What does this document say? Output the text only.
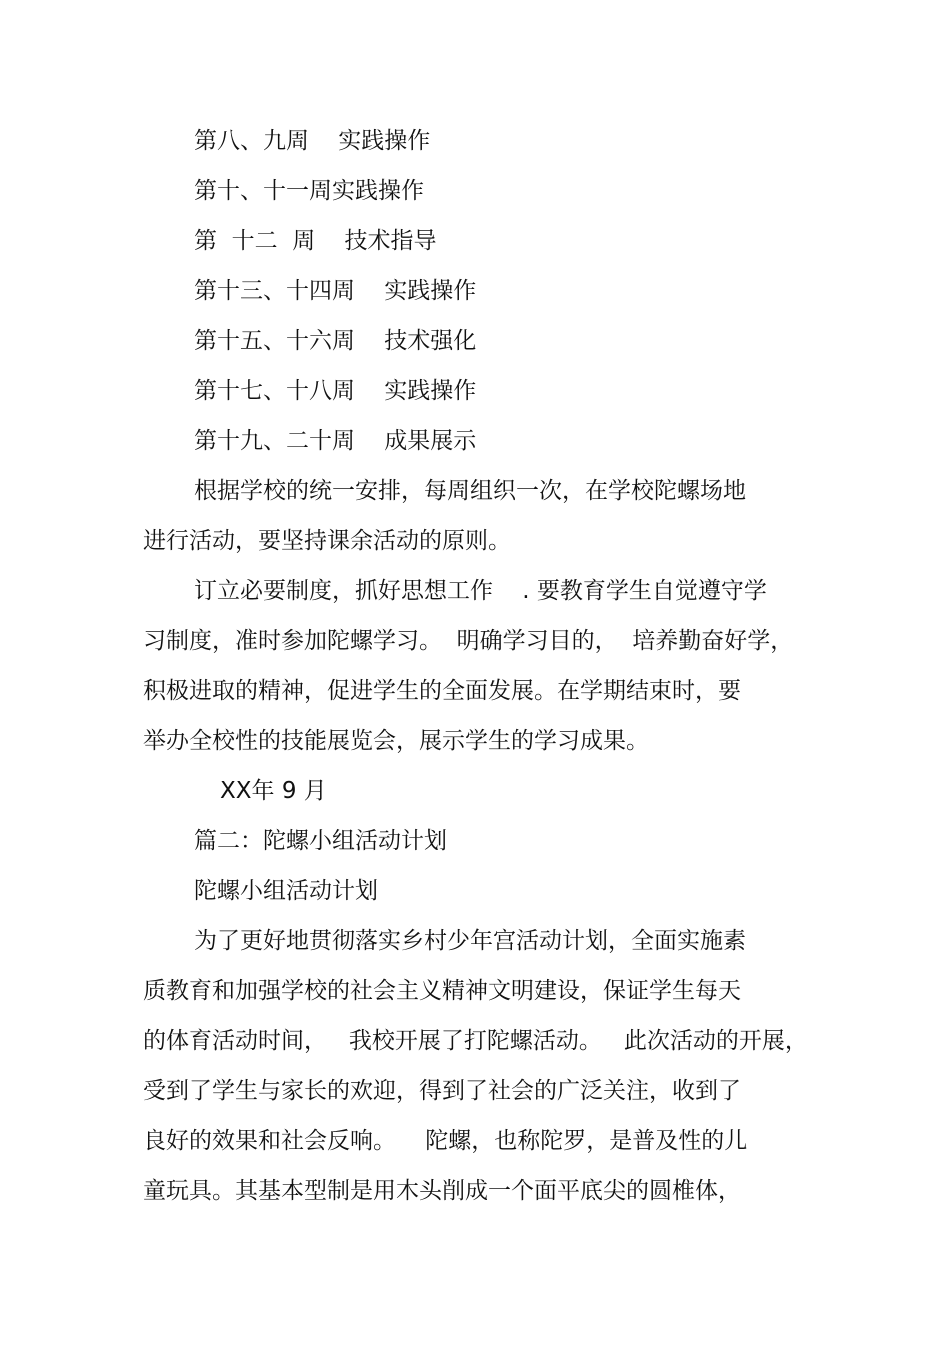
第八、九周    实践操作
第十、十一周实践操作
第  十二  周    技术指导
第十三、十四周    实践操作
第十五、十六周    技术强化
第十七、十八周    实践操作
第十九、二十周    成果展示
根据学校的统一安排，每周组织一次，在学校陀螺场地
进行活动，要坚持课余活动的原则。
订立必要制度，抓好思想工作    . 要教育学生自觉遵守学
习制度，准时参加陀螺学习。  明确学习目的，  培养勤奋好学，
积极进取的精神，促进学生的全面发展。在学期结束时，要
举办全校性的技能展览会，展示学生的学习成果。
XX年 9 月
篇二：陀螺小组活动计划
陀螺小组活动计划
为了更好地贯彻落实乡村少年宫活动计划，全面实施素
质教育和加强学校的社会主义精神文明建设，保证学生每天
的体育活动时间，   我校开展了打陀螺活动。   此次活动的开展，
受到了学生与家长的欢迎，得到了社会的广泛关注，收到了
良好的效果和社会反响。    陀螺，也称陀罗，是普及性的儿
童玩具。其基本型制是用木头削成一个面平底尖的圆椎体，
